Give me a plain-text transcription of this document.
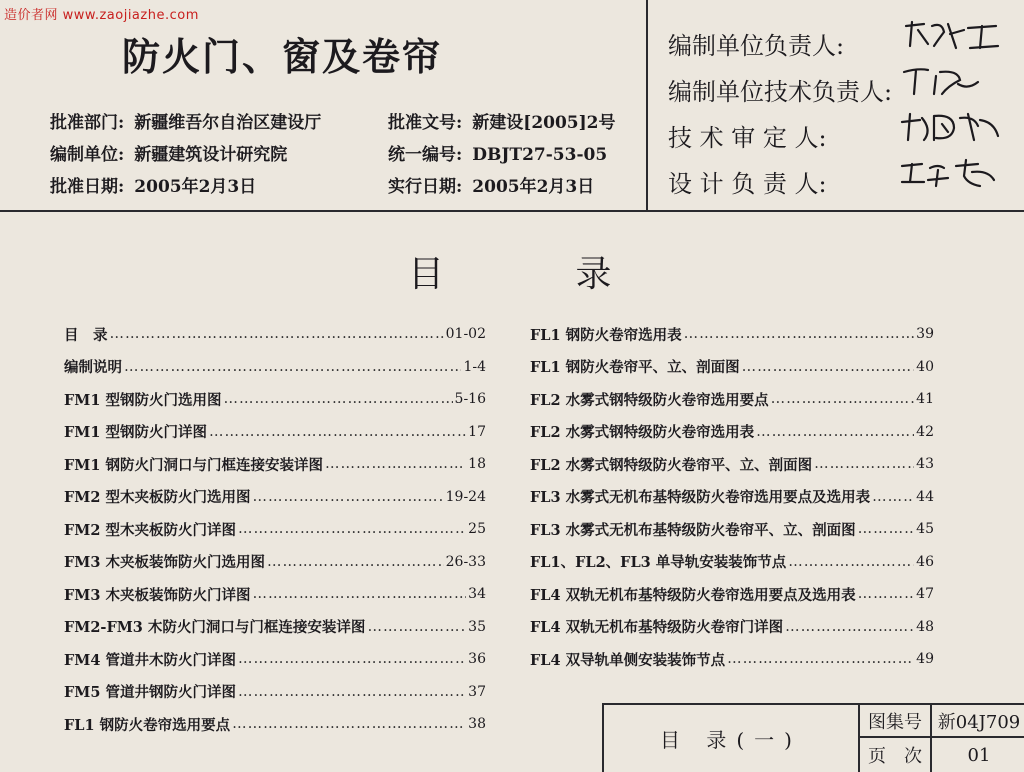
造价者网 www.zaojiazhe.com
防火门、窗及卷帘
批准部门: 新疆维吾尔自治区建设厅
编制单位: 新疆建筑设计研究院
批准日期: 2005年2月3日
批准文号: 新建设[2005]2号
统一编号: DBJT27-53-05
实行日期: 2005年2月3日
编制单位负责人:
编制单位技术负责人:
技 术 审 定 人:
设 计 负 责 人:
目 录
目　录 ……………………………………………………………………………………………………………………………	01-02
编制说明 ……………………………………………………………………………………………………………………………	1-4
FM1 型钢防火门选用图 ……………………………………………………………………………………………………………………………	5-16
FM1 型钢防火门详图 ……………………………………………………………………………………………………………………………	17
FM1 钢防火门洞口与门框连接安装详图 ……………………………………………………………………………………………………………………………	18
FM2 型木夹板防火门选用图 ……………………………………………………………………………………………………………………………	19-24
FM2 型木夹板防火门详图 ……………………………………………………………………………………………………………………………	25
FM3 木夹板装饰防火门选用图 ……………………………………………………………………………………………………………………………	26-33
FM3 木夹板装饰防火门详图 ……………………………………………………………………………………………………………………………	34
FM2-FM3 木防火门洞口与门框连接安装详图 ……………………………………………………………………………………………………………………………	35
FM4 管道井木防火门详图 ……………………………………………………………………………………………………………………………	36
FM5 管道井钢防火门详图 ……………………………………………………………………………………………………………………………	37
FL1 钢防火卷帘选用要点 ……………………………………………………………………………………………………………………………	38
FL1 钢防火卷帘选用表 ……………………………………………………………………………………………………………………………	39
FL1 钢防火卷帘平、立、剖面图 ……………………………………………………………………………………………………………………………	40
FL2 水雾式钢特级防火卷帘选用要点 ……………………………………………………………………………………………………………………………	41
FL2 水雾式钢特级防火卷帘选用表 ……………………………………………………………………………………………………………………………	42
FL2 水雾式钢特级防火卷帘平、立、剖面图 ……………………………………………………………………………………………………………………………	43
FL3 水雾式无机布基特级防火卷帘选用要点及选用表 ……………………………………………………………………………………………………………………………	44
FL3 水雾式无机布基特级防火卷帘平、立、剖面图 ……………………………………………………………………………………………………………………………	45
FL1、FL2、FL3 单导轨安装装饰节点 ……………………………………………………………………………………………………………………………	46
FL4 双轨无机布基特级防火卷帘选用要点及选用表 ……………………………………………………………………………………………………………………………	47
FL4 双轨无机布基特级防火卷帘门详图 ……………………………………………………………………………………………………………………………	48
FL4 双导轨单侧安装装饰节点 ……………………………………………………………………………………………………………………………	49
目 录(一)
图集号 新04J709
页　次	01
